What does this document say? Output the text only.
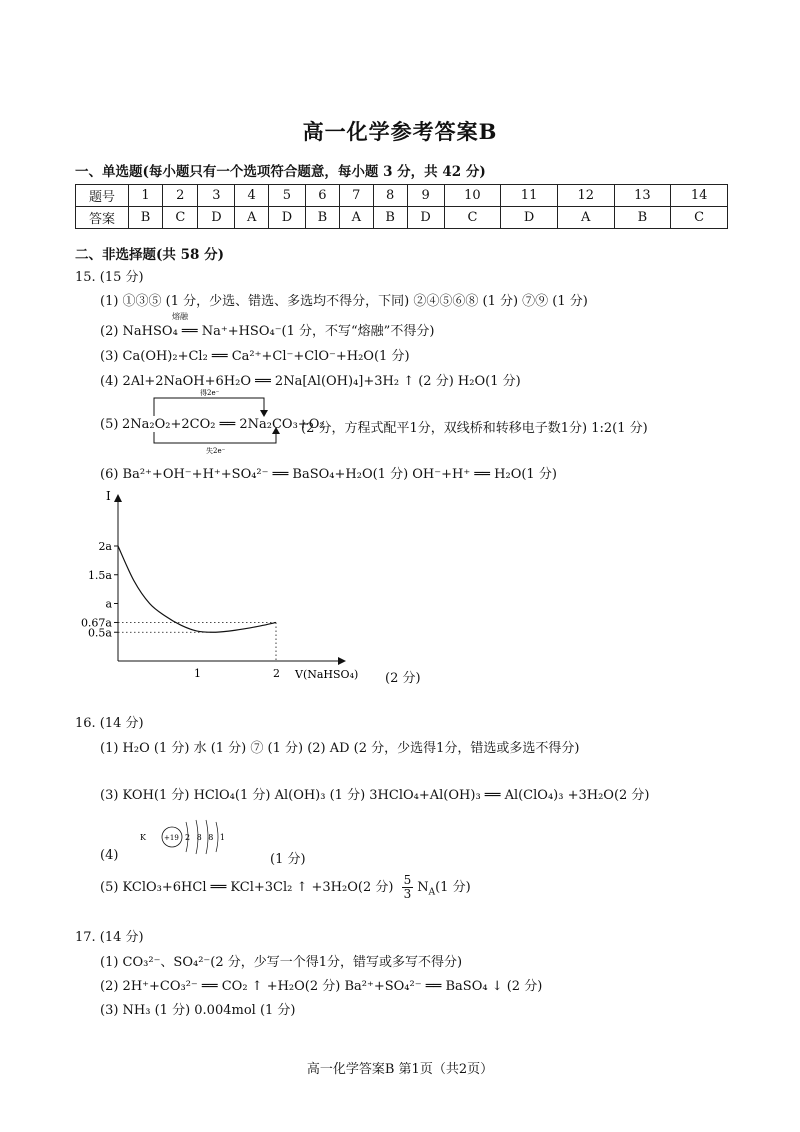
高一化学参考答案B
一、单选题(每小题只有一个选项符合题意，每小题 3 分，共 42 分)
题号	1	2	3	4	5	6	7	8	9	10	11	12	13	14
答案	B	C	D	A	D	B	A	B	D	C	D	A	B	C
二、非选择题(共 58 分)
15. (15 分)
(1) ①③⑤ (1 分，少选、错选、多选均不得分，下同) ②④⑤⑥⑧ (1 分) ⑦⑨ (1 分)
熔融
(2) NaHSO₄ ══ Na⁺+HSO₄⁻(1 分，不写“熔融”不得分)
(3) Ca(OH)₂+Cl₂ ══ Ca²⁺+Cl⁻+ClO⁻+H₂O(1 分)
(4) 2Al+2NaOH+6H₂O ══ 2Na[Al(OH)₄]+3H₂ ↑ (2 分) H₂O(1 分)
得2e⁻
失2e⁻
(5) 2Na₂O₂+2CO₂ ══ 2Na₂CO₃+O₂
(2 分，方程式配平1分，双线桥和转移电子数1分) 1:2(1 分)
(6) Ba²⁺+OH⁻+H⁺+SO₄²⁻ ══ BaSO₄+H₂O(1 分) OH⁻+H⁺ ══ H₂O(1 分)
I
2a
1.5a
a
0.67a
0.5a
1	2 V(NaHSO₄) (2 分)
16. (14 分)
(1) H₂O (1 分) 水 (1 分) ⑦ (1 分) (2) AD (2 分，少选得1分，错选或多选不得分)
(3) KOH(1 分) HClO₄(1 分) Al(OH)₃ (1 分) 3HClO₄+Al(OH)₃ ══ Al(ClO₄)₃ +3H₂O(2 分)
K	+19 2 8 8 1
(4)	(1 分)
(5) KClO₃+6HCl ══ KCl+3Cl₂ ↑ +3H₂O(2 分) $\frac{5}{3} N_A(1$ 分)
17. (14 分)
(1) CO₃²⁻、SO₄²⁻(2 分，少写一个得1分，错写或多写不得分)
(2) 2H⁺+CO₃²⁻ ══ CO₂ ↑ +H₂O(2 分) Ba²⁺+SO₄²⁻ ══ BaSO₄ ↓ (2 分)
(3) NH₃ (1 分) 0.004mol (1 分)
高一化学答案B 第1页（共2页）
